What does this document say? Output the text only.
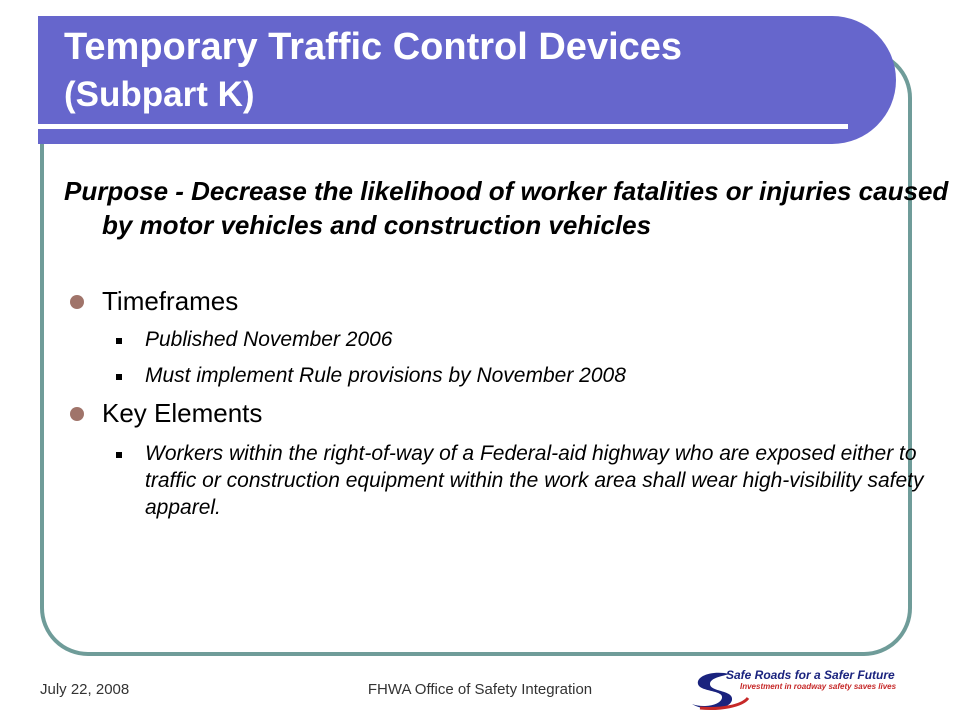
Temporary Traffic Control Devices
(Subpart K)

Purpose - Decrease the likelihood of worker fatalities or injuries caused by motor vehicles and construction vehicles

Timeframes
Published November 2006
Must implement Rule provisions by November 2008
Key Elements
Workers within the right-of-way of a Federal-aid highway who are exposed either to traffic or construction equipment within the work area shall wear high-visibility safety apparel.
July 22, 2008	FHWA Office of Safety Integration
Safe Roads for a Safer Future
Investment in roadway safety saves lives
